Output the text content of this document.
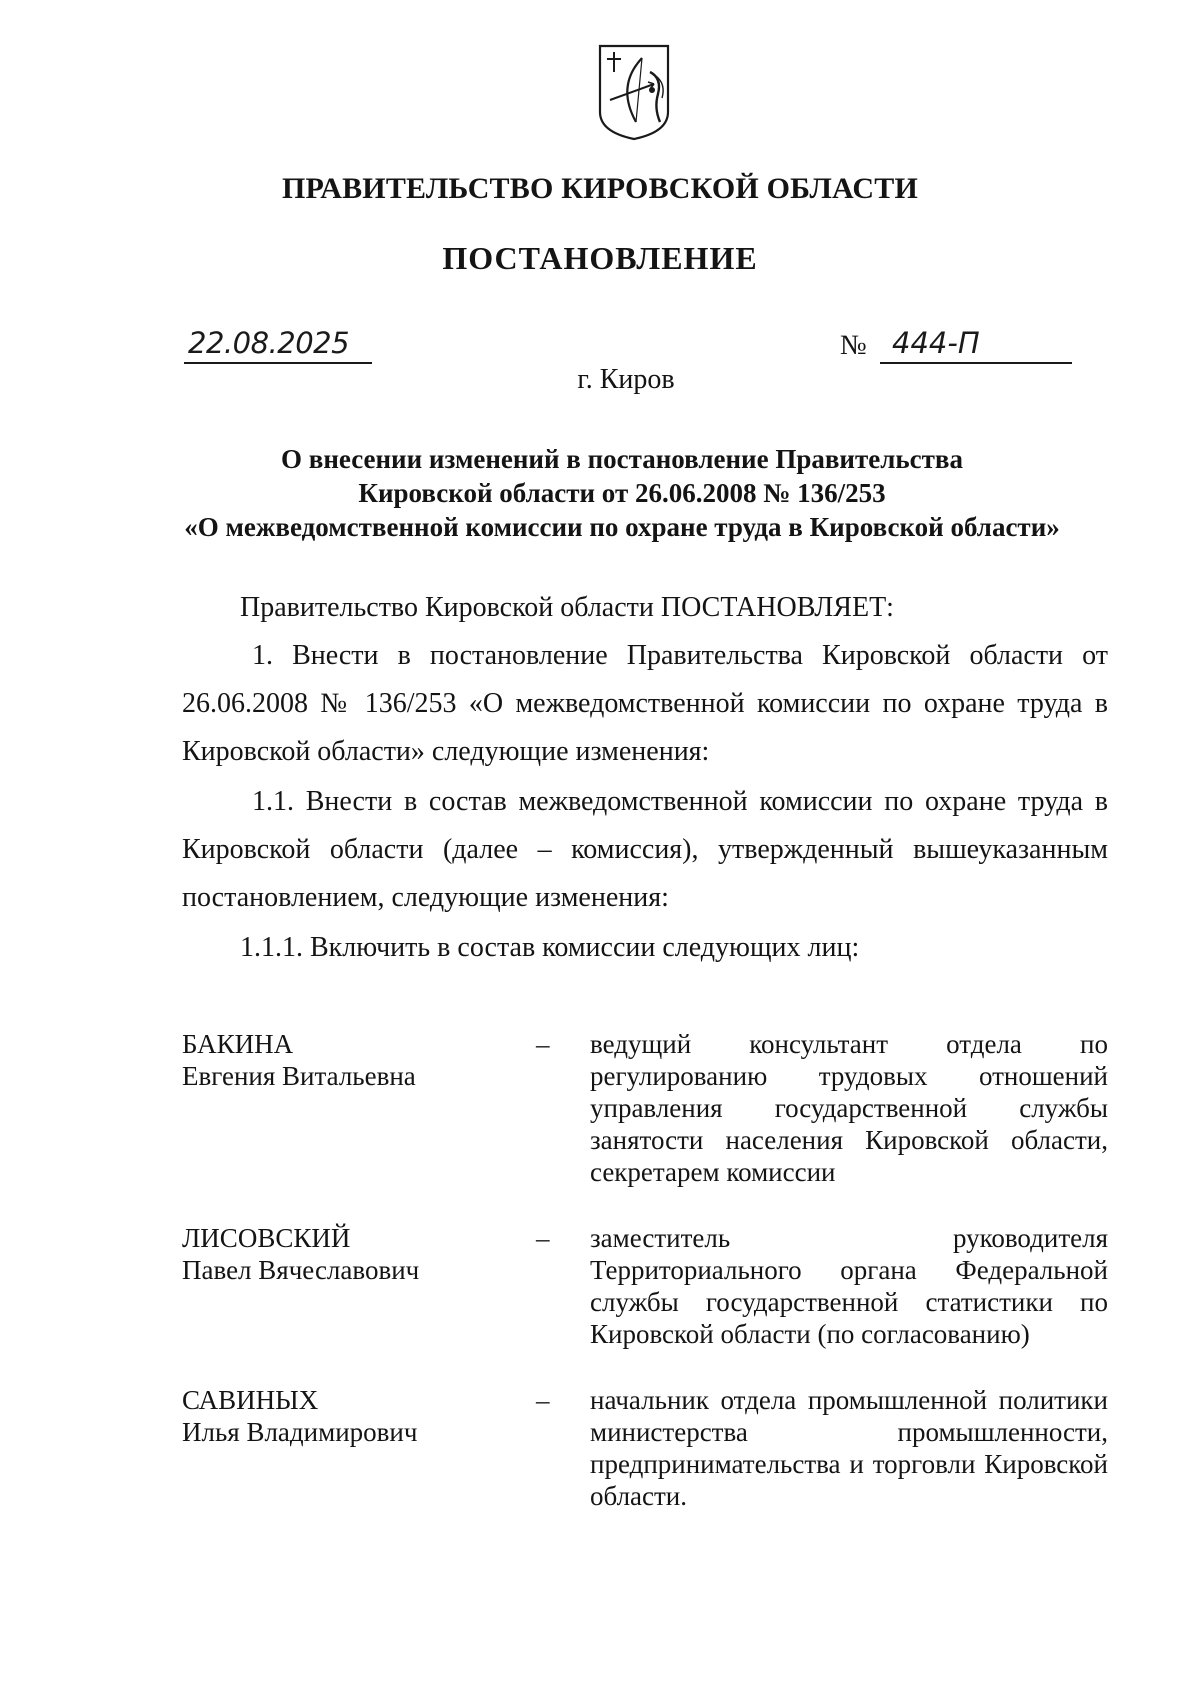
ПРАВИТЕЛЬСТВО КИРОВСКОЙ ОБЛАСТИ
ПОСТАНОВЛЕНИЕ
22.08.2025	№ 444-П
г. Киров
О внесении изменений в постановление Правительства
Кировской области от 26.06.2008 № 136/253
«О межведомственной комиссии по охране труда в Кировской области»
Правительство Кировской области ПОСТАНОВЛЯЕТ:
1. Внести в постановление Правительства Кировской области от 26.06.2008 № 136/253 «О межведомственной комиссии по охране труда в Кировской области» следующие изменения:
1.1. Внести в состав межведомственной комиссии по охране труда в Кировской области (далее – комиссия), утвержденный вышеуказанным постановлением, следующие изменения:
1.1.1. Включить в состав комиссии следующих лиц:
БАКИНА
Евгения Витальевна
–	ведущий консультант отдела по регулированию трудовых отношений управления государственной службы занятости населения Кировской области, секретарем комиссии
ЛИСОВСКИЙ
Павел Вячеславович
–	заместитель руководителя Территориального органа Федеральной службы государственной статистики по Кировской области (по согласованию)
САВИНЫХ
Илья Владимирович
–	начальник отдела промышленной политики министерства промышленности, предпринимательства и торговли Кировской области.
